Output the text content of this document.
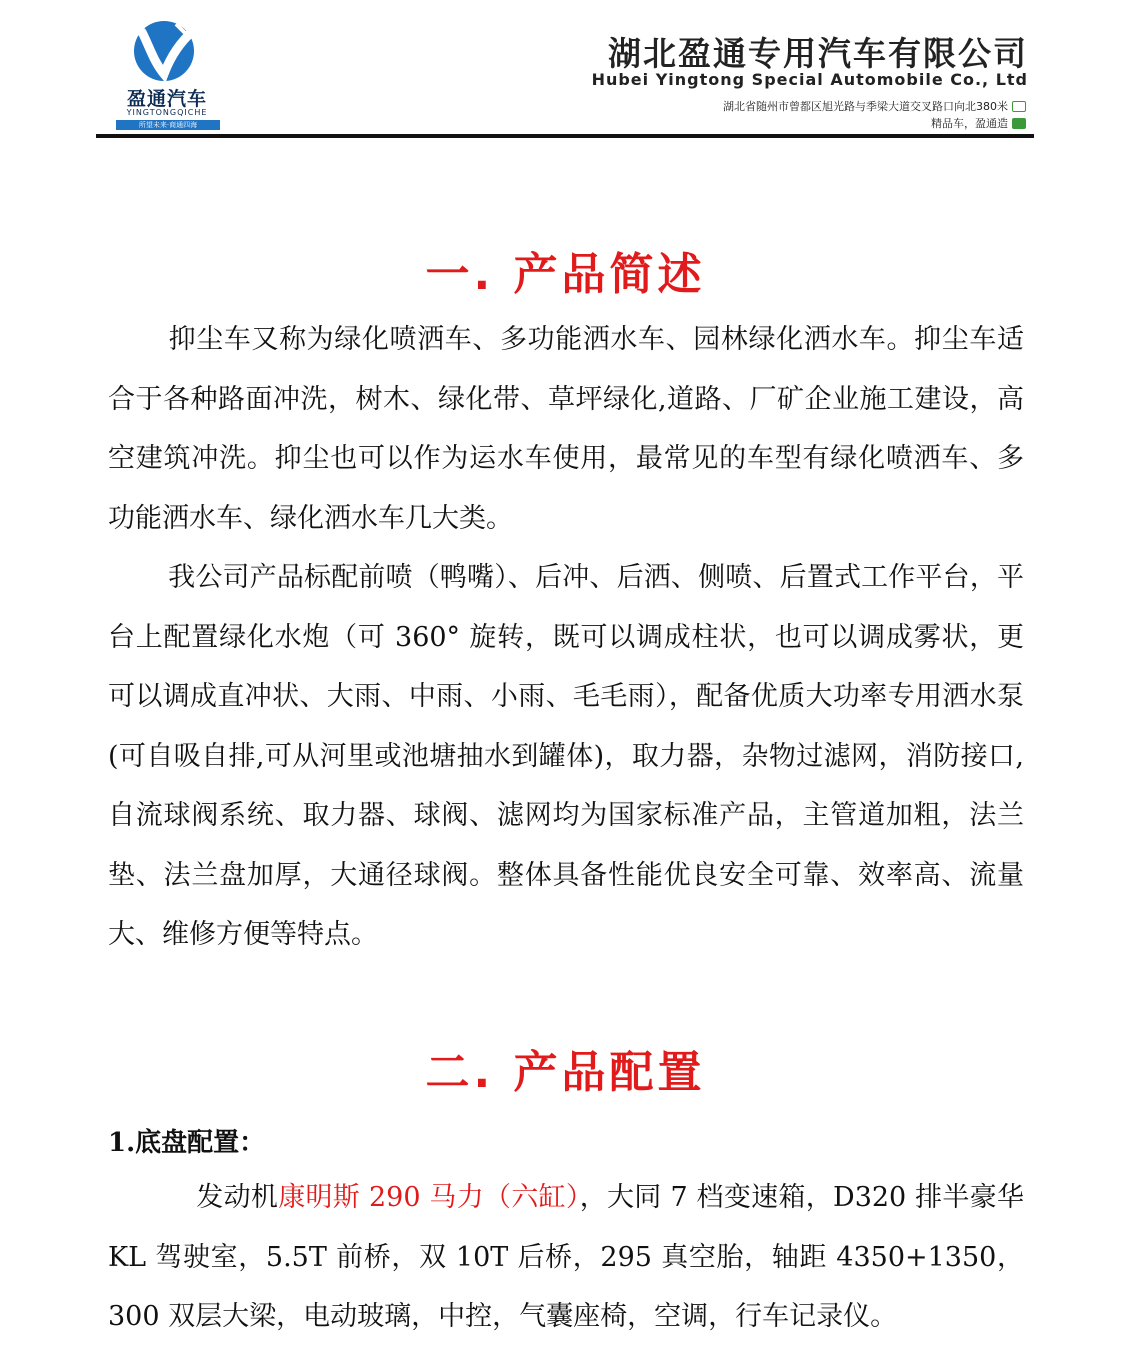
盈通汽车
YINGTONGQICHE
所望未来·商通四海
湖北盈通专用汽车有限公司
Hubei Yingtong Special Automobile Co., Ltd
湖北省随州市曾都区旭光路与季梁大道交叉路口向北380米
精品车，盈通造
一. 产品简述

抑尘车又称为绿化喷洒车、多功能洒水车、园林绿化洒水车。抑尘车适合于各种路面冲洗，树木、绿化带、草坪绿化,道路、厂矿企业施工建设，高空建筑冲洗。抑尘也可以作为运水车使用，最常见的车型有绿化喷洒车、多功能洒水车、绿化洒水车几大类。

我公司产品标配前喷（鸭嘴）、后冲、后洒、侧喷、后置式工作平台，平台上配置绿化水炮（可 360° 旋转，既可以调成柱状，也可以调成雾状，更可以调成直冲状、大雨、中雨、小雨、毛毛雨），配备优质大功率专用洒水泵(可自吸自排,可从河里或池塘抽水到罐体)，取力器，杂物过滤网，消防接口,自流球阀系统、取力器、球阀、滤网均为国家标准产品，主管道加粗，法兰垫、法兰盘加厚，大通径球阀。整体具备性能优良安全可靠、效率高、流量大、维修方便等特点。

二. 产品配置
1.底盘配置：

发动机康明斯 290 马力（六缸），大同 7 档变速箱，D320 排半豪华 KL 驾驶室，5.5T 前桥，双 10T 后桥，295 真空胎，轴距 4350+1350，300 双层大梁，电动玻璃，中控，气囊座椅，空调，行车记录仪。
